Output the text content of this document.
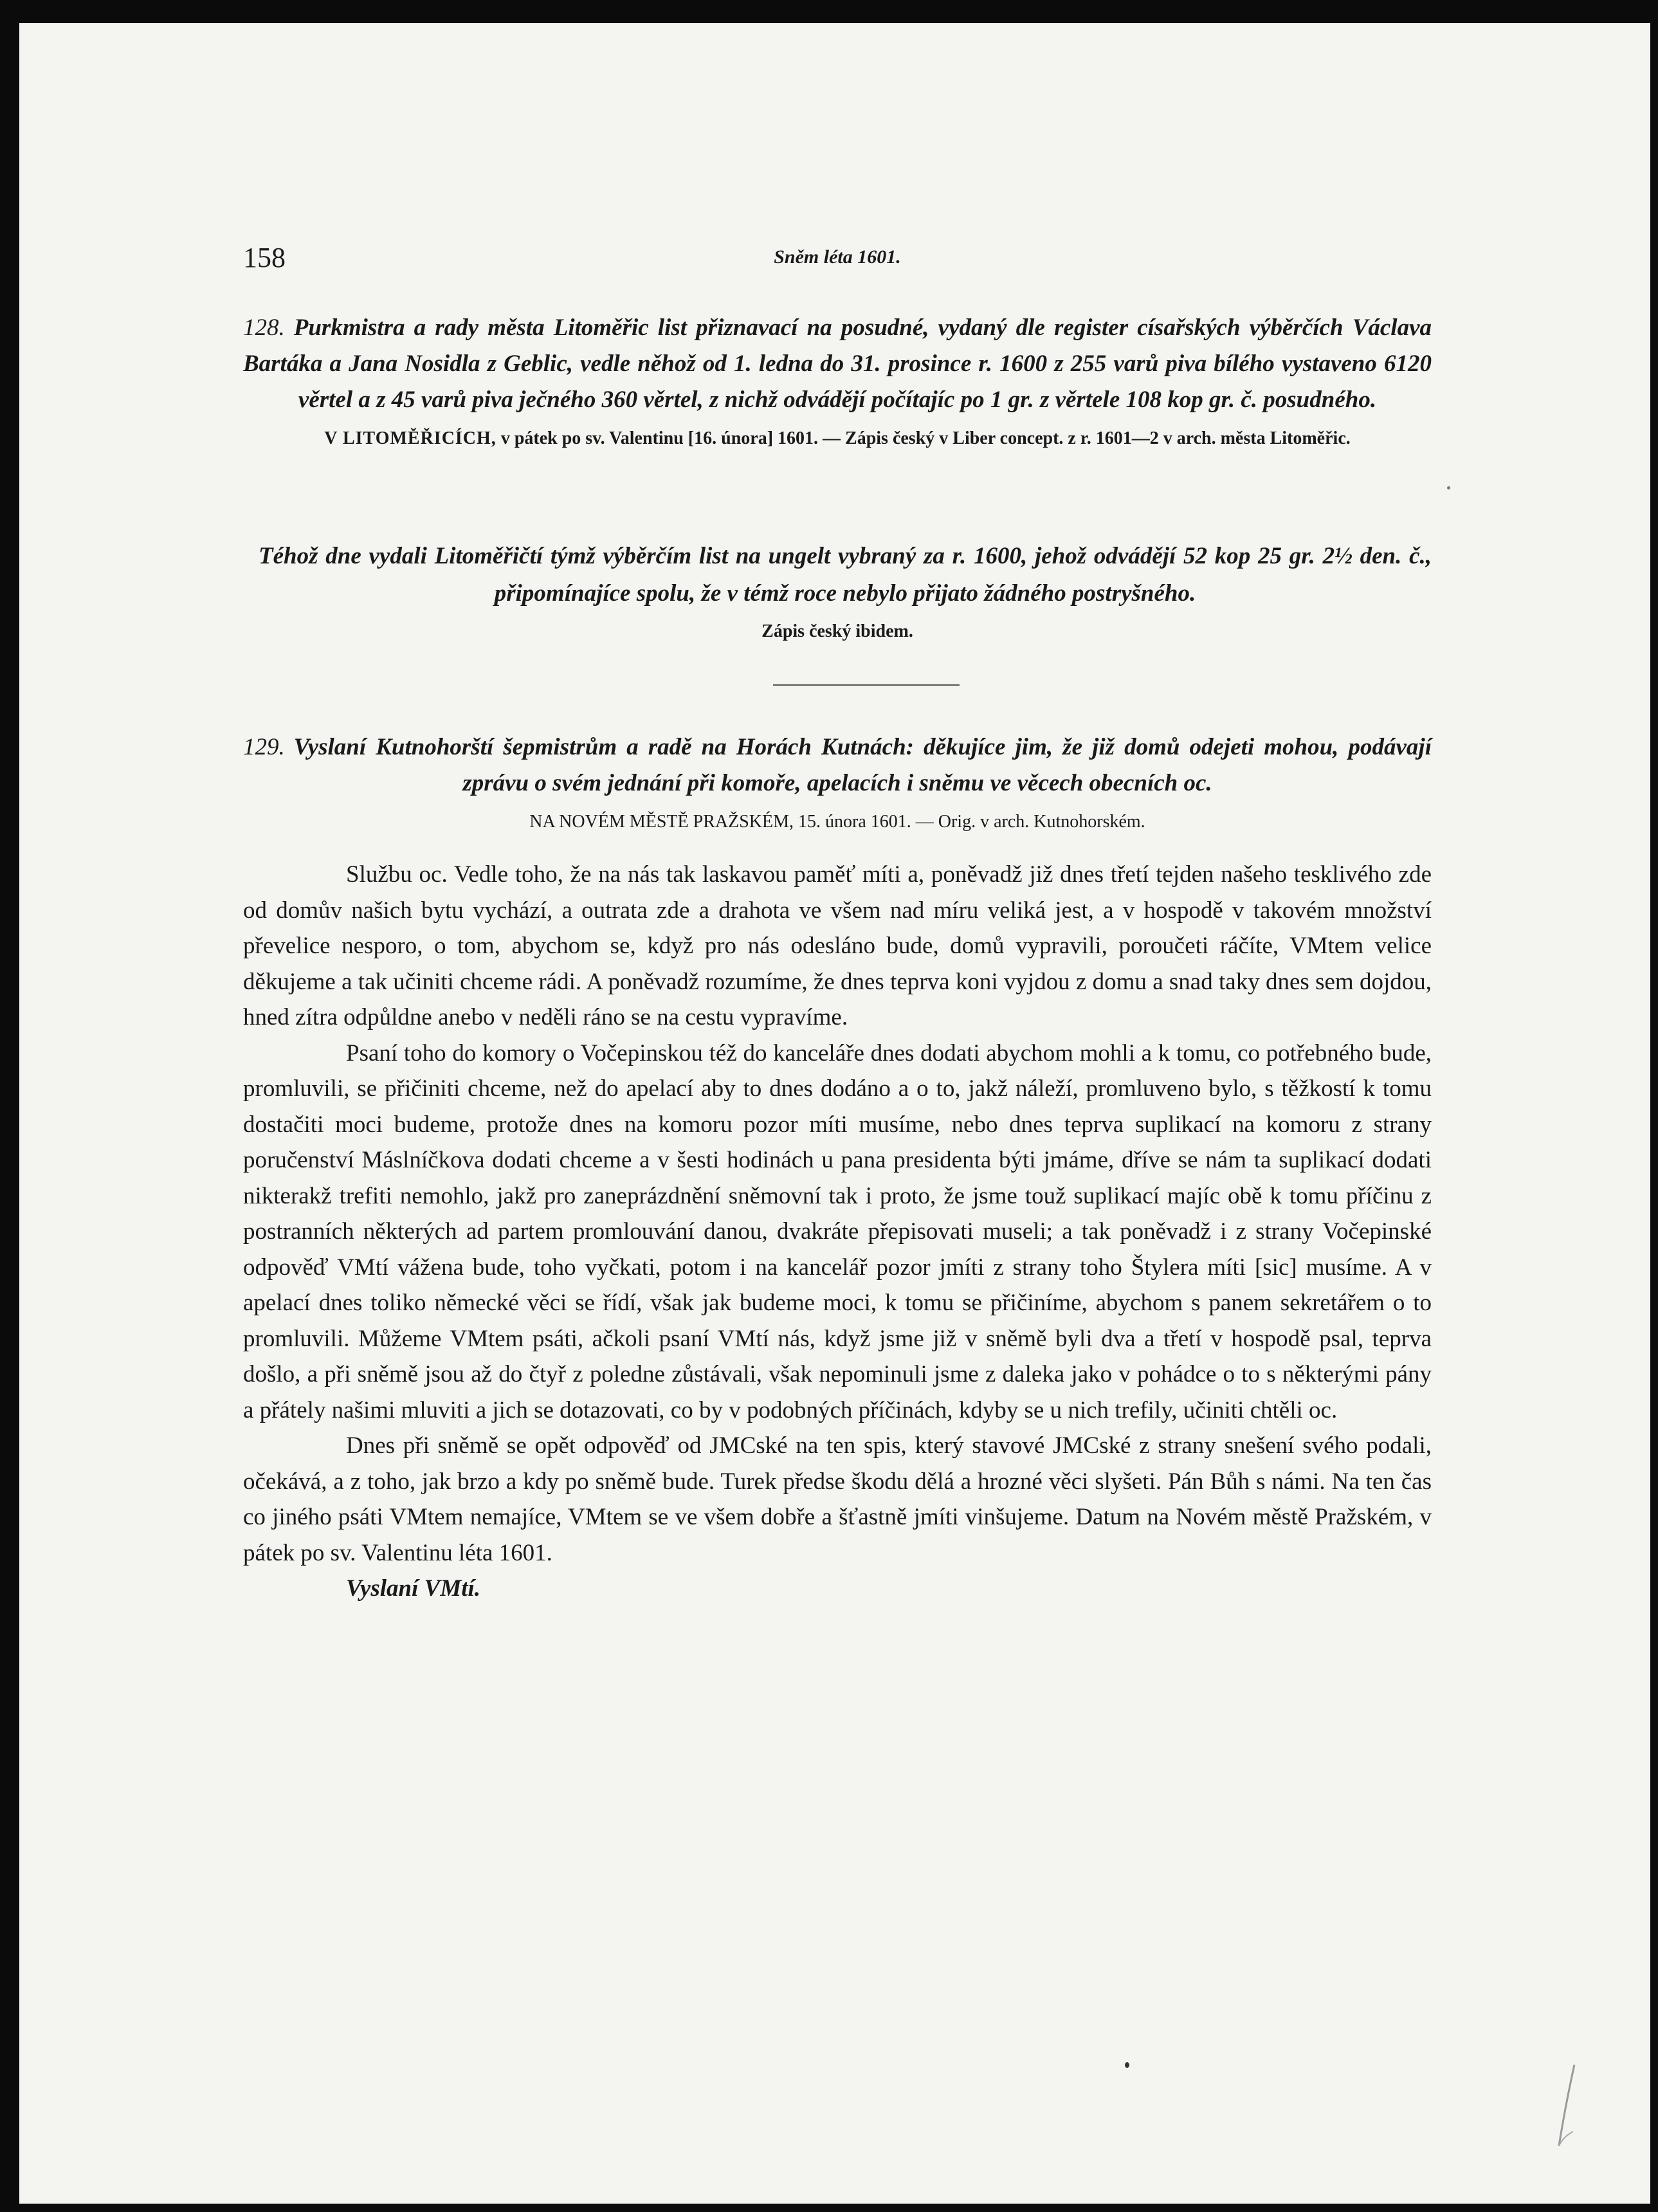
158	Sněm léta 1601.

128. Purkmistra a rady města Litoměřic list přiznavací na posudné, vydaný dle register císařských výběrčích Václava Bartáka a Jana Nosidla z Geblic, vedle něhož od 1. ledna do 31. prosince r. 1600 z 255 varů piva bílého vystaveno 6120 věrtel a z 45 varů piva ječného 360 věrtel, z nichž odvádějí počítajíc po 1 gr. z věrtele 108 kop gr. č. posudného.

V LITOMĚŘICÍCH, v pátek po sv. Valentinu [16. února] 1601. — Zápis český v Liber concept. z r. 1601—2 v arch. města Litoměřic.

Téhož dne vydali Litoměřičtí týmž výběrčím list na ungelt vybraný za r. 1600, jehož odvádějí 52 kop 25 gr. 2½ den. č., připomínajíce spolu, že v témž roce nebylo přijato žádného postryšného.

Zápis český ibidem.

129. Vyslaní Kutnohorští šepmistrům a radě na Horách Kutnách: děkujíce jim, že již domů odejeti mohou, podávají zprávu o svém jednání při komoře, apelacích i sněmu ve věcech obecních oc.

NA NOVÉM MĚSTĚ PRAŽSKÉM, 15. února 1601. — Orig. v arch. Kutnohorském.

Službu oc. Vedle toho, že na nás tak laskavou paměť míti a, poněvadž již dnes třetí tejden našeho tesklivého zde od domův našich bytu vychází, a outrata zde a drahota ve všem nad míru veliká jest, a v hospodě v takovém množství převelice nesporo, o tom, abychom se, když pro nás odesláno bude, domů vypravili, poroučeti ráčíte, VMtem velice děkujeme a tak učiniti chceme rádi. A poněvadž rozumíme, že dnes teprva koni vyjdou z domu a snad taky dnes sem dojdou, hned zítra odpůldne anebo v neděli ráno se na cestu vypravíme.

Psaní toho do komory o Vočepinskou též do kanceláře dnes dodati abychom mohli a k tomu, co potřebného bude, promluvili, se přičiniti chceme, než do apelací aby to dnes dodáno a o to, jakž náleží, promluveno bylo, s těžkostí k tomu dostačiti moci budeme, protože dnes na komoru pozor míti musíme, nebo dnes teprva suplikací na komoru z strany poručenství Máslníčkova dodati chceme a v šesti hodinách u pana presidenta býti jmáme, dříve se nám ta suplikací dodati nikterakž trefiti nemohlo, jakž pro zaneprázdnění sněmovní tak i proto, že jsme touž suplikací majíc obě k tomu příčinu z postranních některých ad partem promlouvání danou, dvakráte přepisovati museli; a tak poněvadž i z strany Vočepinské odpověď VMtí vážena bude, toho vyčkati, potom i na kancelář pozor jmíti z strany toho Štylera míti [sic] musíme. A v apelací dnes toliko německé věci se řídí, však jak budeme moci, k tomu se přičiníme, abychom s panem sekretářem o to promluvili. Můžeme VMtem psáti, ačkoli psaní VMtí nás, když jsme již v sněmě byli dva a třetí v hospodě psal, teprva došlo, a při sněmě jsou až do čtyř z poledne zůstávali, však nepominuli jsme z daleka jako v pohádce o to s některými pány a přátely našimi mluviti a jich se dotazovati, co by v podobných příčinách, kdyby se u nich trefily, učiniti chtěli oc.

Dnes při sněmě se opět odpověď od JMCské na ten spis, který stavové JMCské z strany snešení svého podali, očekává, a z toho, jak brzo a kdy po sněmě bude. Turek předse škodu dělá a hrozné věci slyšeti. Pán Bůh s námi. Na ten čas co jiného psáti VMtem nemajíce, VMtem se ve všem dobře a šťastně jmíti vinšujeme. Datum na Novém městě Pražském, v pátek po sv. Valentinu léta 1601.

Vyslaní VMtí.
